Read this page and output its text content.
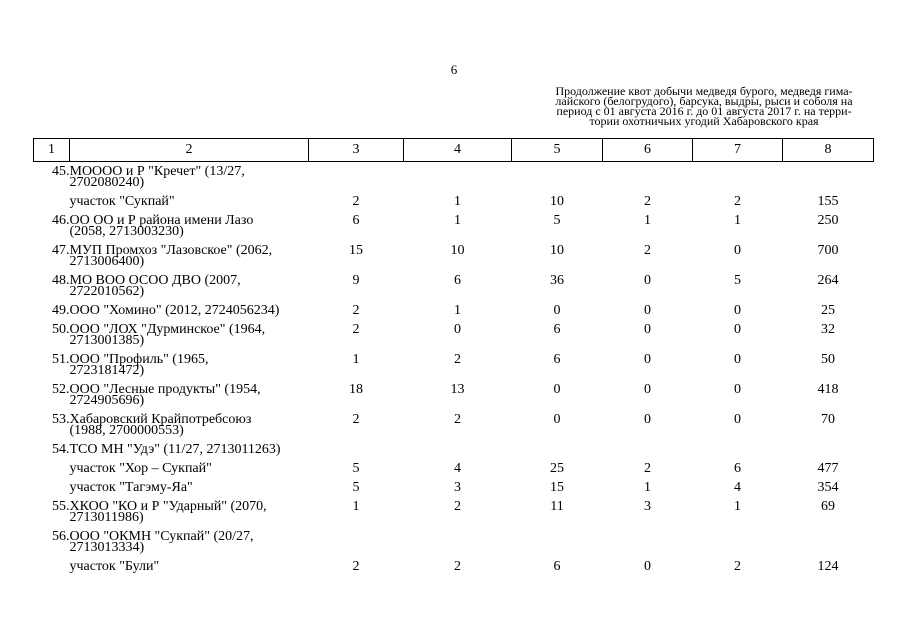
6
Продолжение квот добычи медведя бурого, медведя гима-
лайского (белогрудого), барсука, выдры, рыси и соболя на
период с 01 августа 2016 г. до 01 августа 2017 г. на терри-
тории охотничьих угодий Хабаровского края
1	2	3	4	5	6	7	8
45.	МОООО и Р "Кречет" (13/27,
2702080240)						

	участок "Сукпай"	2	1	10	2	2	155
46.	ОО ОО и Р района имени Лазо
(2058, 2713003230)	6	1	5	1	1	250
47.	МУП Промхоз "Лазовское" (2062,
2713006400)	15	10	10	2	0	700
48.	МО ВОО ОСОО ДВО (2007,
2722010562)	9	6	36	0	5	264
49.	ООО "Хомино" (2012, 2724056234)	2	1	0	0	0	25
50.	ООО "ЛОХ "Дурминское" (1964,
2713001385)	2	0	6	0	0	32
51.	ООО "Профиль" (1965,
2723181472)	1	2	6	0	0	50
52.	ООО "Лесные продукты" (1954,
2724905696)	18	13	0	0	0	418
53.	Хабаровский Крайпотребсоюз
(1988, 2700000553)	2	2	0	0	0	70
54.	ТСО МН "Удэ" (11/27, 2713011263)						

	участок "Хор – Сукпай"	5	4	25	2	6	477

	участок "Тагэму-Яа"	5	3	15	1	4	354
55.	ХКОО "КО и Р "Ударный" (2070,
2713011986)	1	2	11	3	1	69
56.	ООО "ОКМН "Сукпай" (20/27,
2713013334)						

	участок "Були"	2	2	6	0	2	124
